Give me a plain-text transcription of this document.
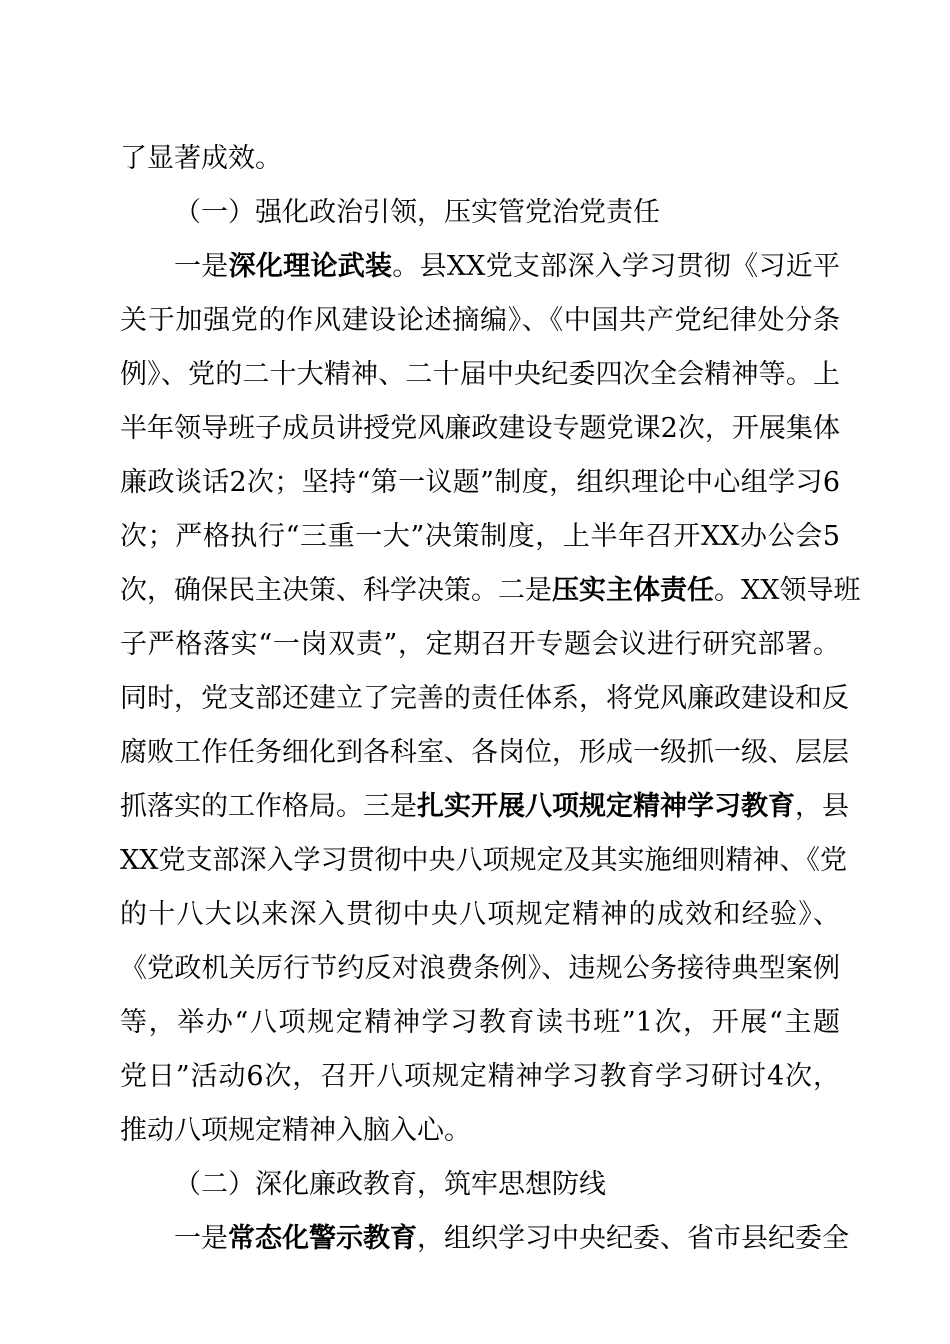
了显著成效。
（一）强化政治引领，压实管党治党责任
一是深化理论武装。县XX党支部深入学习贯彻《习近平
关于加强党的作风建设论述摘编》、《中国共产党纪律处分条
例》、党的二十大精神、二十届中央纪委四次全会精神等。上
半年领导班子成员讲授党风廉政建设专题党课2次，开展集体
廉政谈话2次；坚持“第一议题”制度，组织理论中心组学习6
次；严格执行“三重一大”决策制度，上半年召开XX办公会5
次，确保民主决策、科学决策。二是压实主体责任。XX领导班
子严格落实“一岗双责”，定期召开专题会议进行研究部署。
同时，党支部还建立了完善的责任体系，将党风廉政建设和反
腐败工作任务细化到各科室、各岗位，形成一级抓一级、层层
抓落实的工作格局。三是扎实开展八项规定精神学习教育，县
XX党支部深入学习贯彻中央八项规定及其实施细则精神、《党
的十八大以来深入贯彻中央八项规定精神的成效和经验》、
《党政机关厉行节约反对浪费条例》、违规公务接待典型案例
等，举办“八项规定精神学习教育读书班”1次，开展“主题
党日”活动6次，召开八项规定精神学习教育学习研讨4次，
推动八项规定精神入脑入心。
（二）深化廉政教育，筑牢思想防线
一是常态化警示教育，组织学习中央纪委、省市县纪委全
